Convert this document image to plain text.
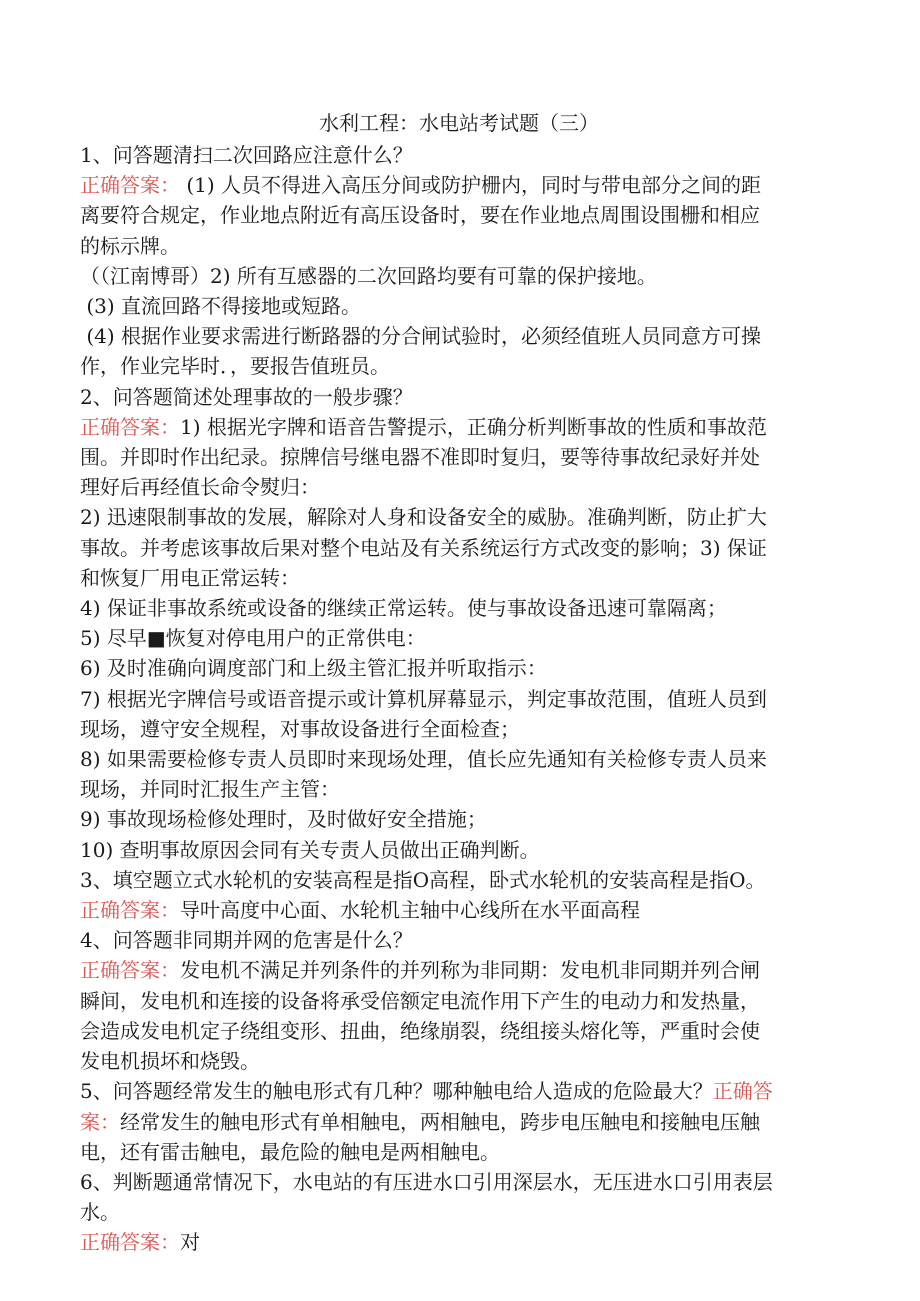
水利工程：水电站考试题（三）

1、问答题清扫二次回路应注意什么？

正确答案： (1) 人员不得进入高压分间或防护栅内，同时与带电部分之间的距

离要符合规定，作业地点附近有高压设备时，要在作业地点周围设围栅和相应

的标示牌。

（（江南博哥）2) 所有互感器的二次回路均要有可靠的保护接地。

(3) 直流回路不得接地或短路。

(4) 根据作业要求需进行断路器的分合闸试验时，必须经值班人员同意方可操

作，作业完毕时．，要报告值班员。

2、问答题简述处理事故的一般步骤？

正确答案：1) 根据光字牌和语音告警提示，正确分析判断事故的性质和事故范

围。并即时作出纪录。掠牌信号继电器不准即时复归，要等待事故纪录好并处

理好后再经值长命令熨归：

2) 迅速限制事故的发展，解除对人身和设备安全的威胁。准确判断，防止扩大

事故。并考虑该事故后果对整个电站及有关系统运行方式改变的影响；3) 保证

和恢复厂用电正常运转：

4) 保证非事故系统或设备的继续正常运转。使与事故设备迅速可靠隔离；

5) 尽早■恢复对停电用户的正常供电：

6) 及时准确向调度部门和上级主管汇报并听取指示：

7) 根据光字牌信号或语音提示或计算机屏幕显示，判定事故范围，值班人员到

现场，遵守安全规程，对事故设备进行全面检查；

8) 如果需要检修专责人员即时来现场处理，值长应先通知有关检修专责人员来

现场，并同时汇报生产主管：

9) 事故现场检修处理时，及时做好安全措施；

10) 查明事故原因会同有关专责人员做出正确判断。

3、填空题立式水轮机的安装高程是指O高程，卧式水轮机的安装高程是指O。

正确答案：导叶高度中心面、水轮机主轴中心线所在水平面高程

4、问答题非同期并网的危害是什么？

正确答案：发电机不满足并列条件的并列称为非同期：发电机非同期并列合闸

瞬间，发电机和连接的设备将承受倍额定电流作用下产生的电动力和发热量，

会造成发电机定子绕组变形、扭曲，绝缘崩裂，绕组接头熔化等，严重时会使

发电机损坏和烧毁。

5、问答题经常发生的触电形式有几种？哪种触电给人造成的危险最大？正确答

案：经常发生的触电形式有单相触电，两相触电，跨步电压触电和接触电压触

电，还有雷击触电，最危险的触电是两相触电。

6、判断题通常情况下，水电站的有压进水口引用深层水，无压进水口引用表层

水。

正确答案：对
